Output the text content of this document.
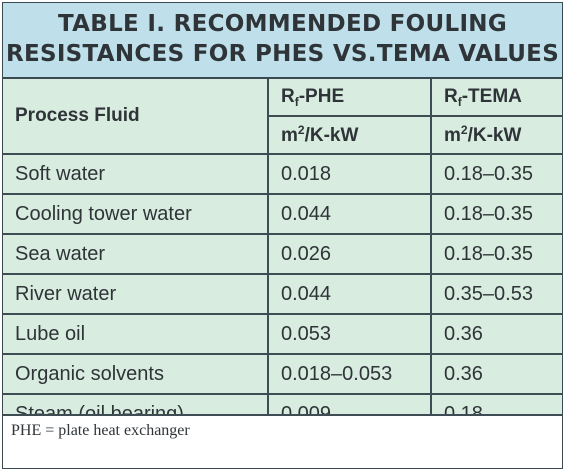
TABLE I. RECOMMENDED FOULING
RESISTANCES FOR PHES VS.TEMA VALUES
Process Fluid	$R_f$-PHE	$R_f$-TEMA
	$m^2/K-kW$	$m^2/K-kW$
Soft water	0.018	0.18–0.35
Cooling tower water	0.044	0.18–0.35
Sea water	0.026	0.18–0.35
River water	0.044	0.35–0.53
Lube oil	0.053	0.36
Organic solvents	0.018–0.053	0.36

PHE = plate heat exchanger
